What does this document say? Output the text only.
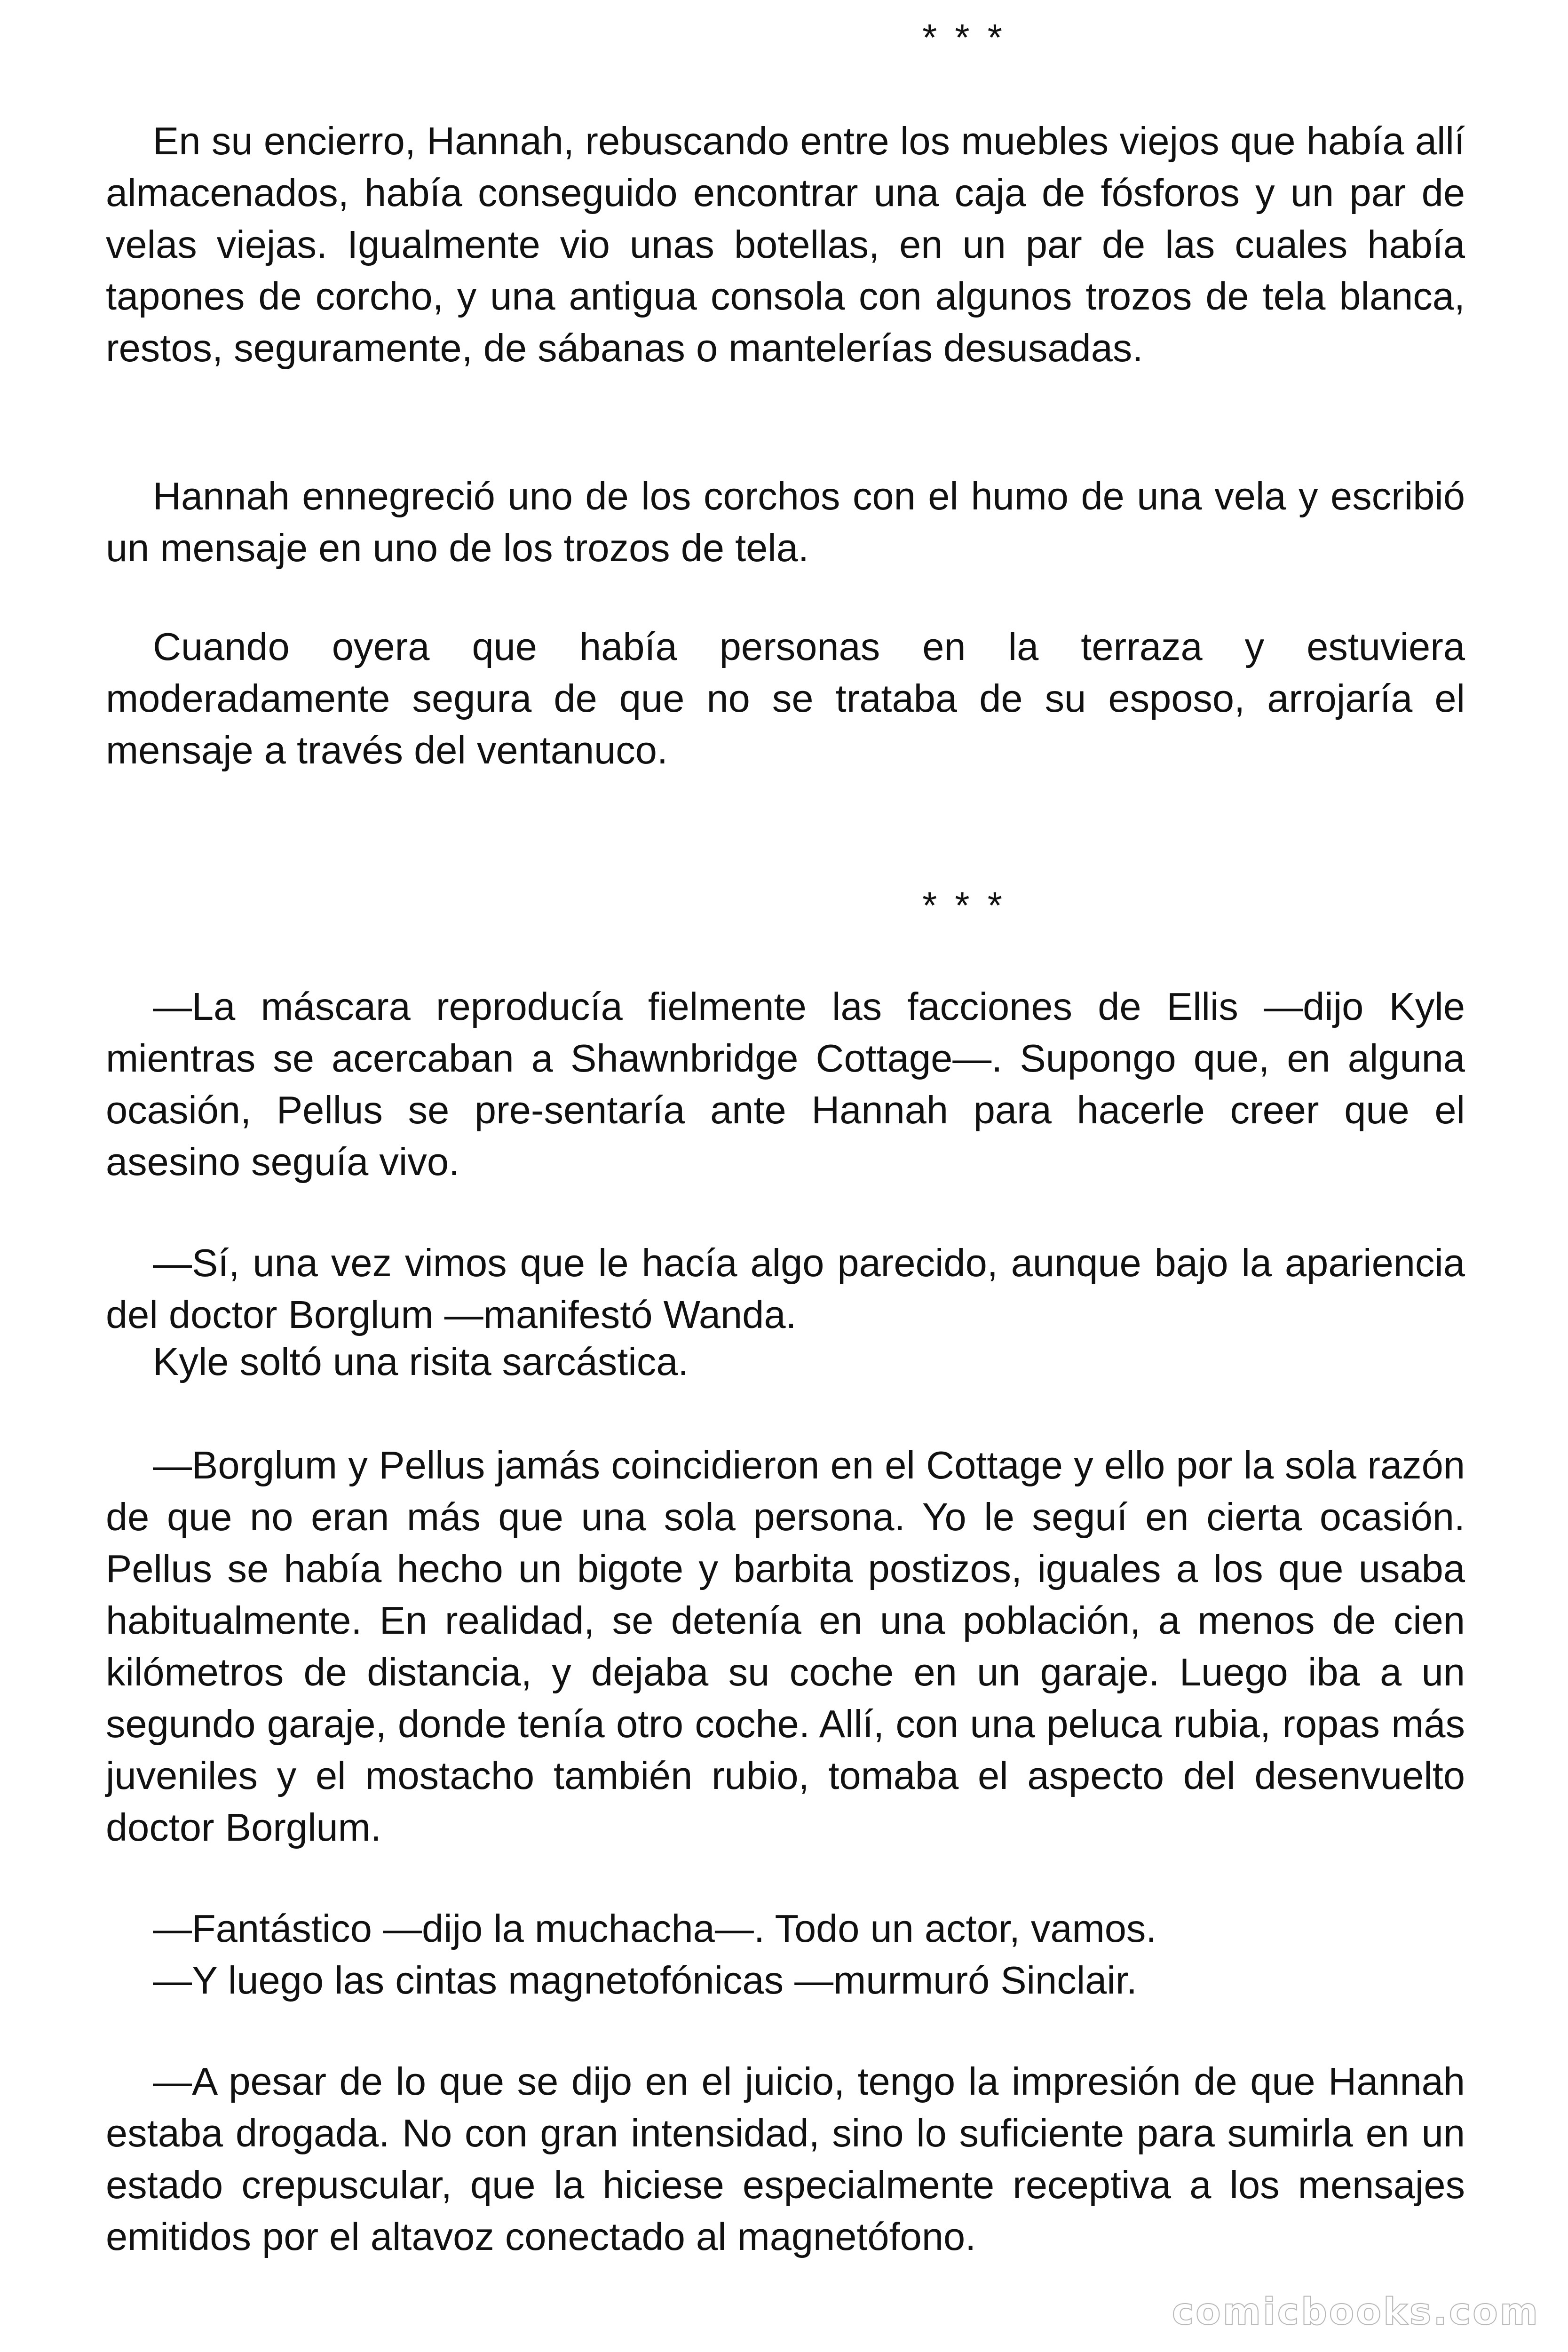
* * *

En su encierro, Hannah, rebuscando entre los muebles viejos que había allí almacenados, había conseguido encontrar una caja de fósforos y un par de velas viejas. Igualmente vio unas botellas, en un par de las cuales había tapones de corcho, y una antigua consola con algunos trozos de tela blanca, restos, seguramente, de sábanas o mantelerías desusadas.

Hannah ennegreció uno de los corchos con el humo de una vela y escribió un mensaje en uno de los trozos de tela.

Cuando oyera que había personas en la terraza y estuviera moderadamente segura de que no se trataba de su esposo, arrojaría el mensaje a través del ventanuco.

* * *

—La máscara reproducía fielmente las facciones de Ellis —dijo Kyle mientras se acercaban a Shawnbridge Cottage—. Supongo que, en alguna ocasión, Pellus se pre-sentaría ante Hannah para hacerle creer que el asesino seguía vivo.

—Sí, una vez vimos que le hacía algo parecido, aunque bajo la apariencia del doctor Borglum —manifestó Wanda.

Kyle soltó una risita sarcástica.

—Borglum y Pellus jamás coincidieron en el Cottage y ello por la sola razón de que no eran más que una sola persona. Yo le seguí en cierta ocasión. Pellus se había hecho un bigote y barbita postizos, iguales a los que usaba habitualmente. En realidad, se detenía en una población, a menos de cien kilómetros de distancia, y dejaba su coche en un garaje. Luego iba a un segundo garaje, donde tenía otro coche. Allí, con una peluca rubia, ropas más juveniles y el mostacho también rubio, tomaba el aspecto del desenvuelto doctor Borglum.

—Fantástico —dijo la muchacha—. Todo un actor, vamos.

—Y luego las cintas magnetofónicas —murmuró Sinclair.

—A pesar de lo que se dijo en el juicio, tengo la impresión de que Hannah estaba drogada. No con gran intensidad, sino lo suficiente para sumirla en un estado crepuscular, que la hiciese especialmente receptiva a los mensajes emitidos por el altavoz conectado al magnetófono.

comicbooks.com
